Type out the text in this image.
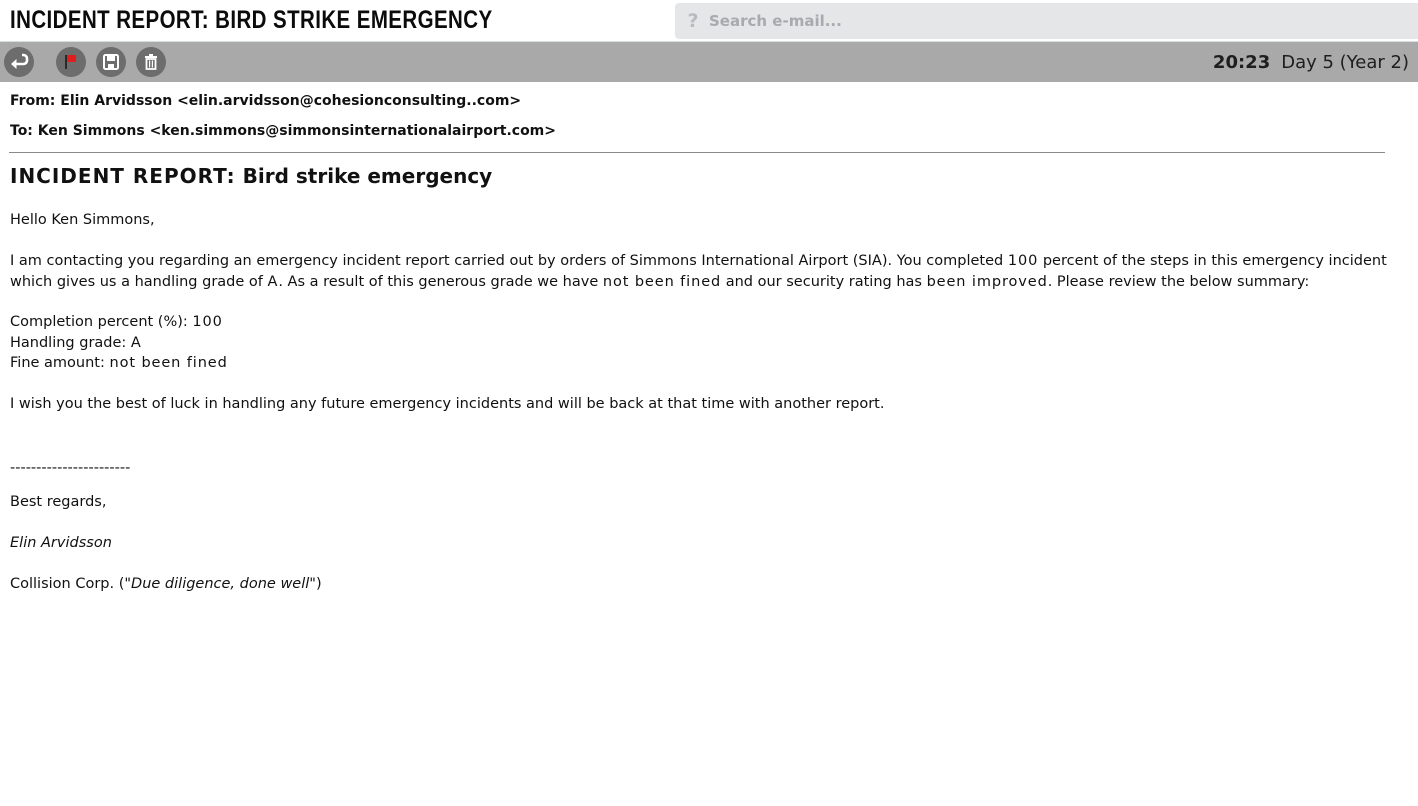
INCIDENT REPORT: BIRD STRIKE EMERGENCY	?
Search e-mail...
20:23 Day 5 (Year 2)
From: Elin Arvidsson <elin.arvidsson@cohesionconsulting..com>
To: Ken Simmons <ken.simmons@simmonsinternationalairport.com>
INCIDENT REPORT: Bird strike emergency
Hello Ken Simmons,
I am contacting you regarding an emergency incident report carried out by orders of Simmons International Airport (SIA). You completed 100 percent of the steps in this emergency incident which gives us a handling grade of A. As a result of this generous grade we have not been fined and our security rating has been improved. Please review the below summary:
Completion percent (%): 100
Handling grade: A
Fine amount: not been fined
I wish you the best of luck in handling any future emergency incidents and will be back at that time with another report.
-----------------------
Best regards,
Elin Arvidsson
Collision Corp. ("Due diligence, done well")
